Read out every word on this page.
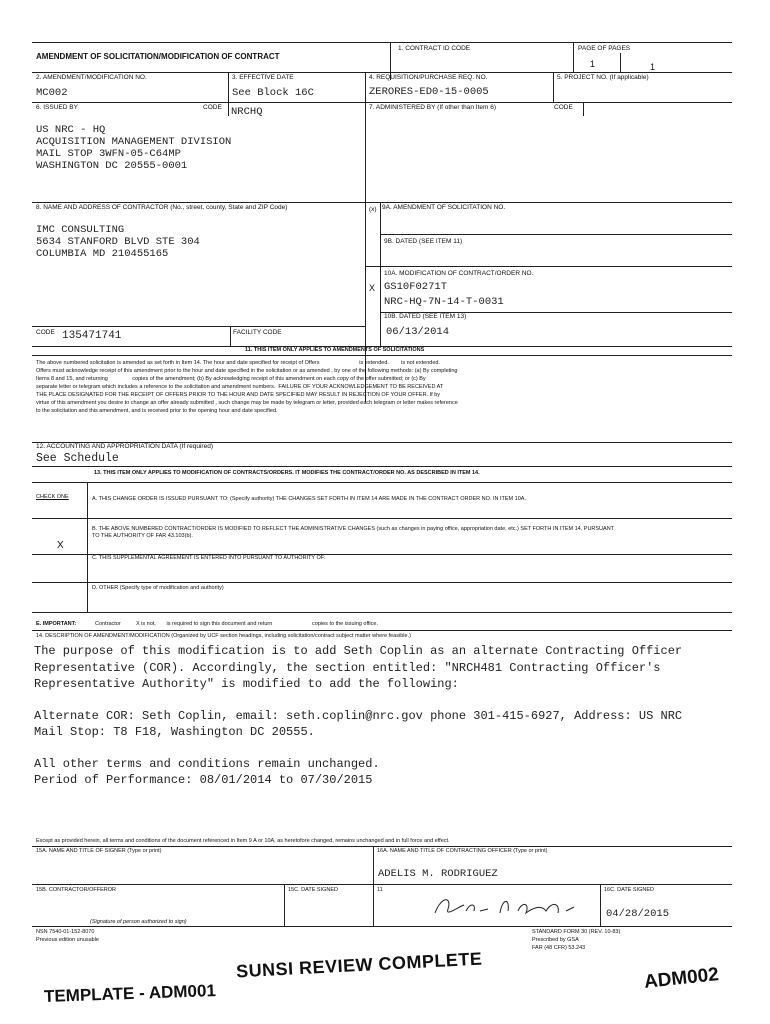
AMENDMENT OF SOLICITATION/MODIFICATION OF CONTRACT
1. CONTRACT ID CODE	PAGE OF PAGES
1	1
2. AMENDMENT/MODIFICATION NO.
MC002
3. EFFECTIVE DATE
See Block 16C
4. REQUISITION/PURCHASE REQ. NO.
ZERORES-ED0-15-0005
5. PROJECT NO. (If applicable)
6. ISSUED BY	CODE NRCHQ	7. ADMINISTERED BY (If other than Item 6)	CODE
US NRC - HQ
ACQUISITION MANAGEMENT DIVISION
MAIL STOP 3WFN-05-C64MP
WASHINGTON DC 20555-0001
8. NAME AND ADDRESS OF CONTRACTOR (No., street, county, State and ZIP Code)
IMC CONSULTING
5634 STANFORD BLVD STE 304
COLUMBIA MD 210455165
(x) 9A. AMENDMENT OF SOLICITATION NO.
9B. DATED (SEE ITEM 11)
X
10A. MODIFICATION OF CONTRACT/ORDER NO.
GS10F0271T
NRC-HQ-7N-14-T-0031
10B. DATED (SEE ITEM 13)
06/13/2014
CODE 135471741	FACILITY CODE
11. THIS ITEM ONLY APPLIES TO AMENDMENTS OF SOLICITATIONS
The above numbered solicitation is amended as set forth in Item 14. The hour and date specified for receipt of Offers                          is extended.        is not extended.
Offers must acknowledge receipt of this amendment prior to the hour and date specified in the solicitation or as amended , by one of the following methods: (a) By completing
Items 8 and 15, and returning                copies of the amendment; (b) By acknowledging receipt of this amendment on each copy of the offer submitted; or (c) By
separate letter or telegram which includes a reference to the solicitation and amendment numbers.  FAILURE OF YOUR ACKNOWLEDGEMENT TO BE RECEIVED AT
THE PLACE DESIGNATED FOR THE RECEIPT OF OFFERS PRIOR TO THE HOUR AND DATE SPECIFIED MAY RESULT IN REJECTION OF YOUR OFFER. If by
virtue of this amendment you desire to change an offer already submitted , such change may be made by telegram or letter, provided each telegram or letter makes reference
to the solicitation and this amendment, and is received prior to the opening hour and date specified.
12. ACCOUNTING AND APPROPRIATION DATA (If required)
See Schedule
13. THIS ITEM ONLY APPLIES TO MODIFICATION OF CONTRACTS/ORDERS. IT MODIFIES THE CONTRACT/ORDER NO. AS DESCRIBED IN ITEM 14.
CHECK ONE	A. THIS CHANGE ORDER IS ISSUED PURSUANT TO: (Specify authority) THE CHANGES SET FORTH IN ITEM 14 ARE MADE IN THE CONTRACT ORDER NO. IN ITEM 10A.
B. THE ABOVE NUMBERED CONTRACT/ORDER IS MODIFIED TO REFLECT THE ADMINISTRATIVE CHANGES (such as changes in paying office, appropriation date, etc.) SET FORTH IN ITEM 14, PURSUANT TO THE AUTHORITY OF FAR 43.103(b).
X
C. THIS SUPPLEMENTAL AGREEMENT IS ENTERED INTO PURSUANT TO AUTHORITY OF:
D. OTHER (Specify type of modification and authority)
E. IMPORTANT:	Contractor          X is not,       is required to sign this document and return                          copies to the issuing office.
14. DESCRIPTION OF AMENDMENT/MODIFICATION (Organized by UCF section headings, including solicitation/contract subject matter where feasible.)
The purpose of this modification is to add Seth Coplin as an alternate Contracting Officer
Representative (COR). Accordingly, the section entitled: "NRCH481 Contracting Officer's
Representative Authority" is modified to add the following:
Alternate COR: Seth Coplin, email: seth.coplin@nrc.gov phone 301-415-6927, Address: US NRC
Mail Stop: T8 F18, Washington DC 20555.
All other terms and conditions remain unchanged.
Period of Performance: 08/01/2014 to 07/30/2015
Except as provided herein, all terms and conditions of the document referenced in Item 9 A or 10A, as heretofore changed, remains unchanged and in full force and effect.
15A. NAME AND TITLE OF SIGNER (Type or print)	16A. NAME AND TITLE OF CONTRACTING OFFICER (Type or print)
ADELIS M. RODRIGUEZ
15B. CONTRACTOR/OFFEROR	15C. DATE SIGNED	11	16C. DATE SIGNED
04/28/2015
(Signature of person authorized to sign)
NSN 7540-01-152-8070
Previous edition unusable
STANDARD FORM 30 (REV. 10-83)
Prescribed by GSA
FAR (48 CFR) 53.243
SUNSI REVIEW COMPLETE
TEMPLATE - ADM001
ADM002
